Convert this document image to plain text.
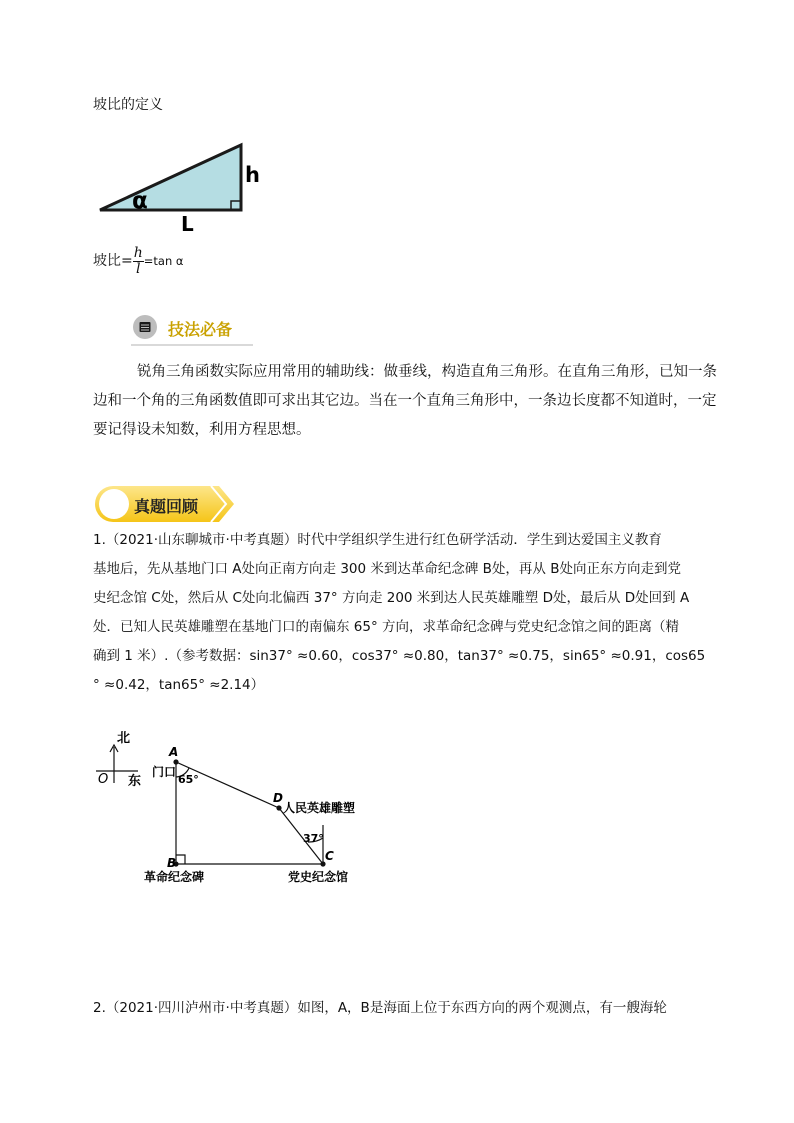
坡比的定义
h
α
L
坡比= $\frac{h}{l} =\tan$ α
技法必备
锐角三角函数实际应用常用的辅助线：做垂线，构造直角三角形。在直角三角形，已知一条
边和一个角的三角函数值即可求出其它边。当在一个直角三角形中，一条边长度都不知道时，一定
要记得设未知数，利用方程思想。
真题回顾
1.（2021·山东聊城市·中考真题）时代中学组织学生进行红色研学活动．学生到达爱国主义教育
基地后，先从基地门口 A处向正南方向走 300 米到达革命纪念碑 B处，再从 B处向正东方向走到党
史纪念馆 C处，然后从 C处向北偏西 37° 方向走 200 米到达人民英雄雕塑 D处，最后从 D处回到 A
处．已知人民英雄雕塑在基地门口的南偏东 65° 方向，求革命纪念碑与党史纪念馆之间的距离（精
确到 1 米）.（参考数据：sin37° ≈0.60，cos37° ≈0.80，tan37° ≈0.75，sin65° ≈0.91，cos65
° ≈0.42，tan65° ≈2.14）
北
O 东
A
门口
65°
D
人民英雄雕塑
37°
C
B
革命纪念碑	党史纪念馆
2.（2021·四川泸州市·中考真题）如图，A，B是海面上位于东西方向的两个观测点，有一艘海轮
